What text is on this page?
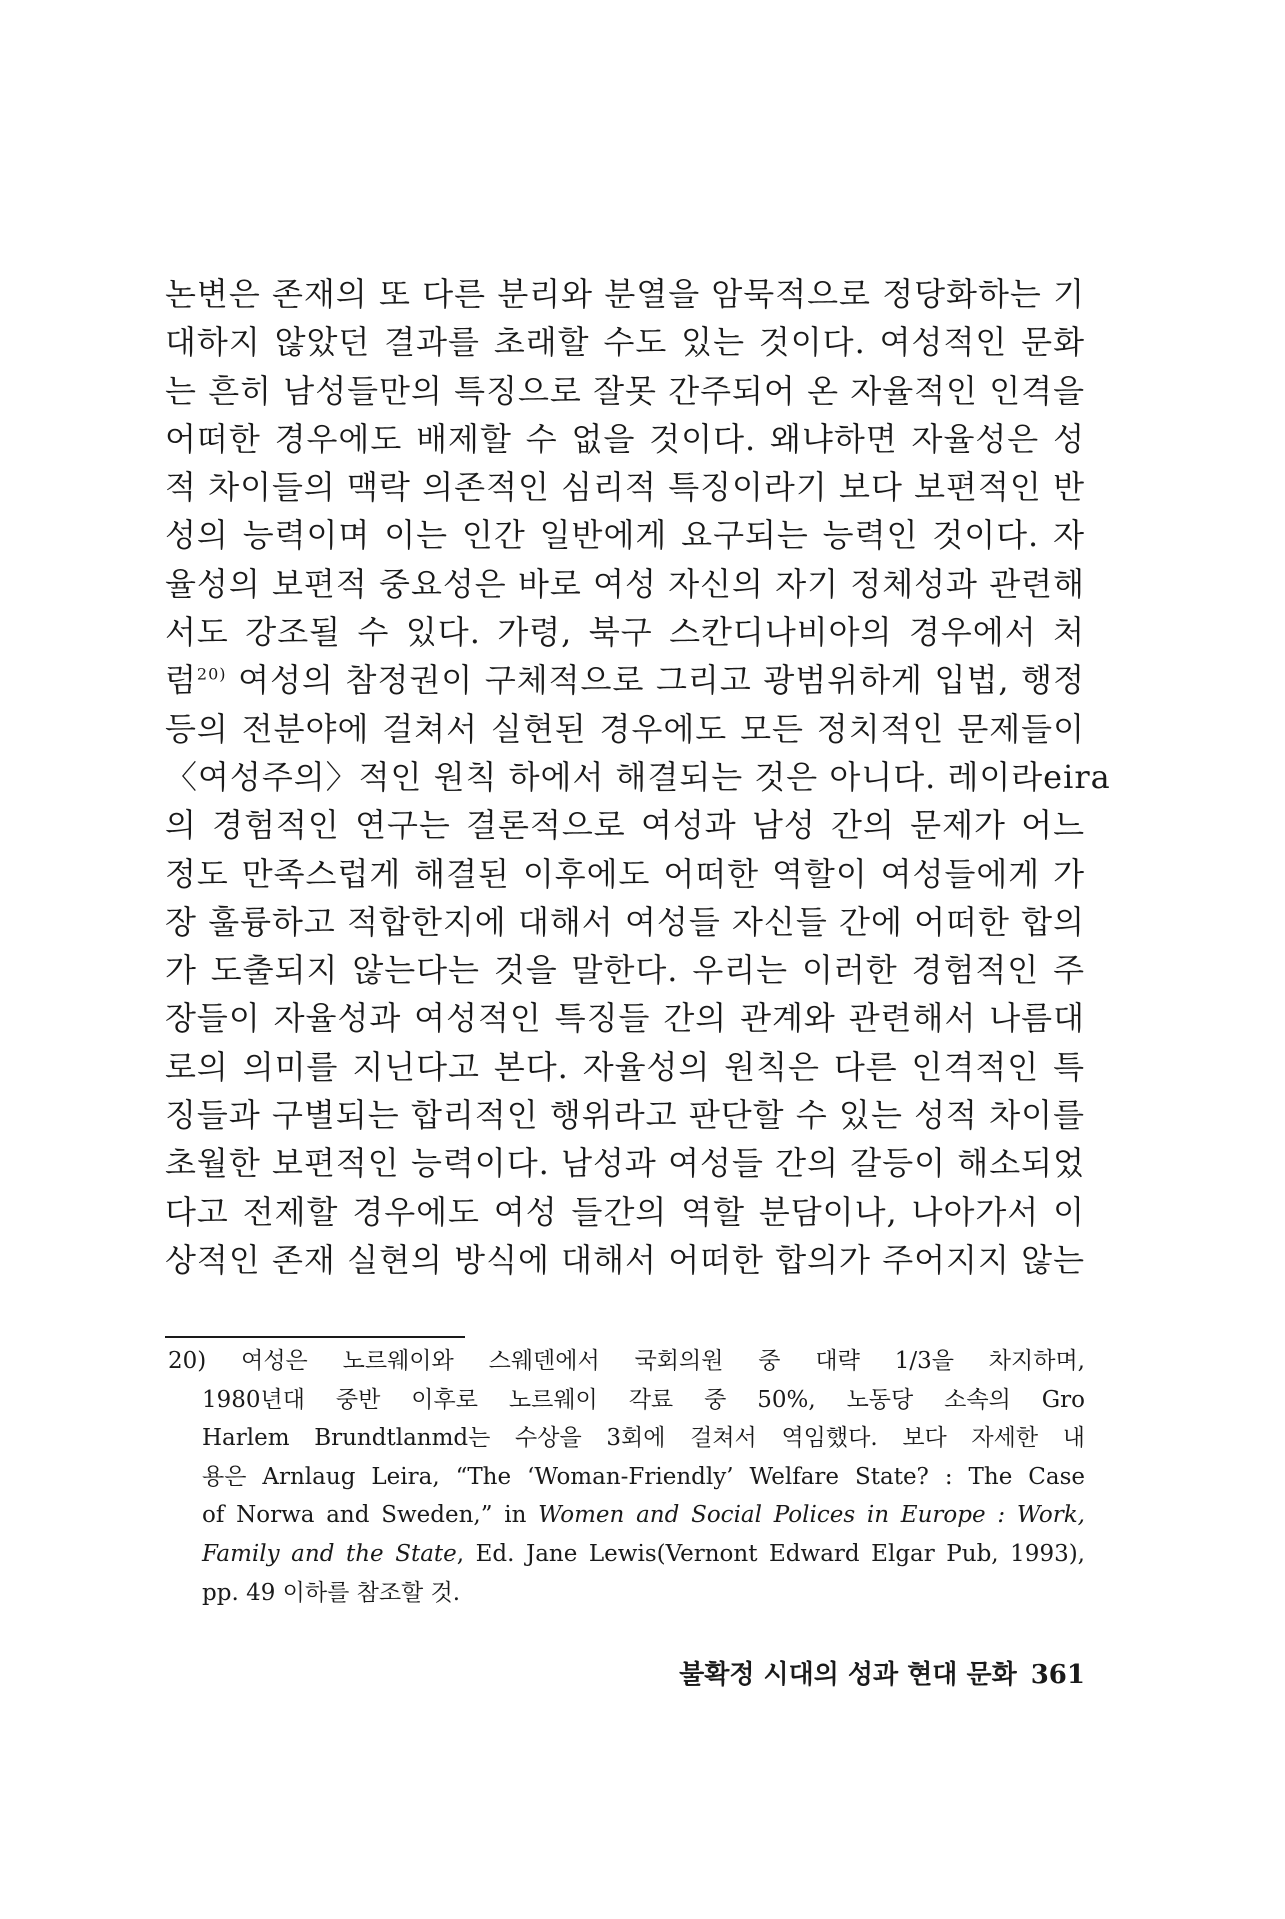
논변은 존재의 또 다른 분리와 분열을 암묵적으로 정당화하는 기
대하지 않았던 결과를 초래할 수도 있는 것이다. 여성적인 문화
는 흔히 남성들만의 특징으로 잘못 간주되어 온 자율적인 인격을
어떠한 경우에도 배제할 수 없을 것이다. 왜냐하면 자율성은 성
적 차이들의 맥락 의존적인 심리적 특징이라기 보다 보편적인 반
성의 능력이며 이는 인간 일반에게 요구되는 능력인 것이다. 자
율성의 보편적 중요성은 바로 여성 자신의 자기 정체성과 관련해
서도 강조될 수 있다. 가령, 북구 스칸디나비아의 경우에서 처
럼$^{20)}$ 여성의 참정권이 구체적으로 그리고 광범위하게 입법, 행정
등의 전분야에 걸쳐서 실현된 경우에도 모든 정치적인 문제들이
〈여성주의〉적인 원칙 하에서 해결되는 것은 아니다. 레이라eira
의 경험적인 연구는 결론적으로 여성과 남성 간의 문제가 어느
정도 만족스럽게 해결된 이후에도 어떠한 역할이 여성들에게 가
장 훌륭하고 적합한지에 대해서 여성들 자신들 간에 어떠한 합의
가 도출되지 않는다는 것을 말한다. 우리는 이러한 경험적인 주
장들이 자율성과 여성적인 특징들 간의 관계와 관련해서 나름대
로의 의미를 지닌다고 본다. 자율성의 원칙은 다른 인격적인 특
징들과 구별되는 합리적인 행위라고 판단할 수 있는 성적 차이를
초월한 보편적인 능력이다. 남성과 여성들 간의 갈등이 해소되었
다고 전제할 경우에도 여성 들간의 역할 분담이나, 나아가서 이
상적인 존재 실현의 방식에 대해서 어떠한 합의가 주어지지 않는
20) 여성은 노르웨이와 스웨덴에서 국회의원 중 대략 1/3을 차지하며,
1980년대 중반 이후로 노르웨이 각료 중 50%, 노동당 소속의 Gro
Harlem Brundtlanmd는 수상을 3회에 걸쳐서 역임했다. 보다 자세한 내
용은 Arnlaug Leira, “The ‘Woman-Friendly’ Welfare State? : The Case
of Norwa and Sweden,” in Women and Social Polices in Europe : Work,
Family and the State, Ed. Jane Lewis(Vernont Edward Elgar Pub, 1993),
pp. 49 이하를 참조할 것.
불확정 시대의 성과 현대 문화 361
